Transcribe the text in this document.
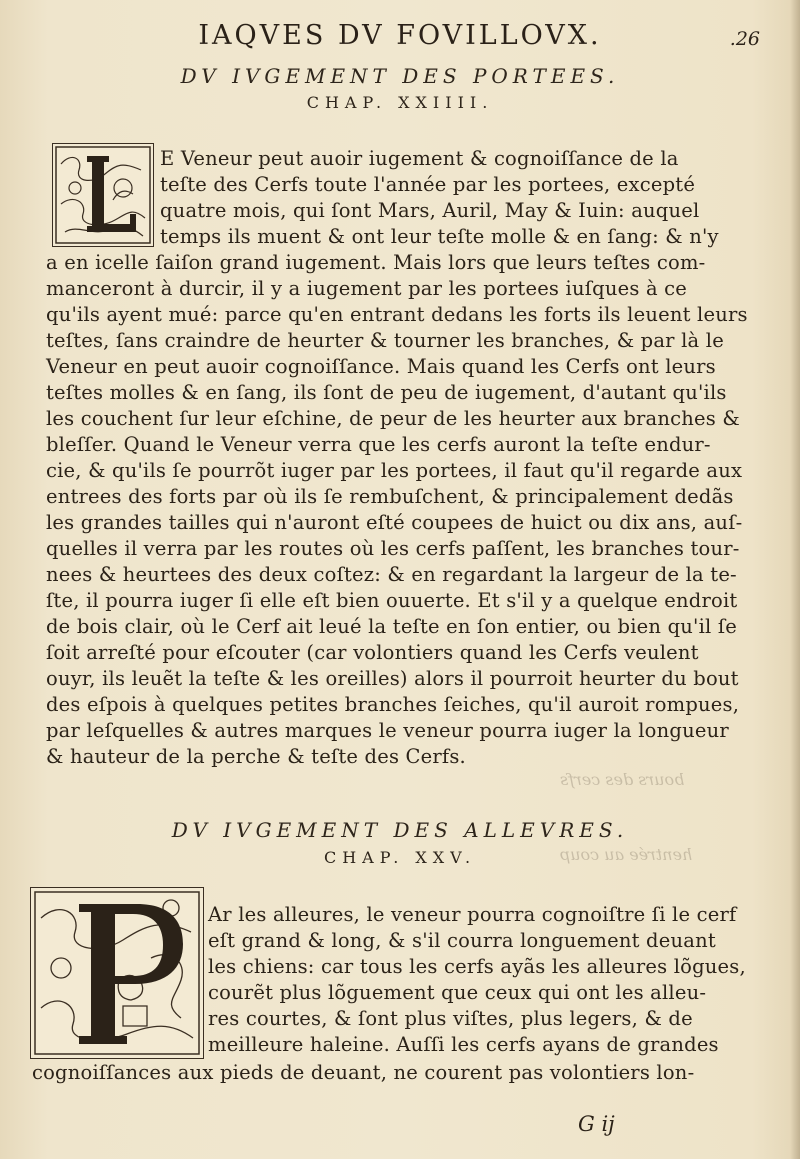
bours des cerfs
hentrée au coup
IAQVES DV FOVILLOVX.	.26
DV IVGEMENT DES PORTEES.
CHAP. XXIIII.
E Veneur peut auoir iugement & cognoiſſance de la
teſte des Cerfs toute l'année par les portees, excepté
quatre mois, qui ſont Mars, Auril, May & Iuin: auquel
temps ils muent & ont leur teſte molle & en ſang: & n'y
a en icelle ſaiſon grand iugement. Mais lors que leurs teſtes com-
manceront à durcir, il y a iugement par les portees iuſques à ce
qu'ils ayent mué: parce qu'en entrant dedans les forts ils leuent leurs
teſtes, ſans craindre de heurter & tourner les branches, & par là le
Veneur en peut auoir cognoiſſance. Mais quand les Cerfs ont leurs
teſtes molles & en ſang, ils ſont de peu de iugement, d'autant qu'ils
les couchent ſur leur eſchine, de peur de les heurter aux branches &
bleſſer. Quand le Veneur verra que les cerfs auront la teſte endur-
cie, & qu'ils ſe pourrõt iuger par les portees, il faut qu'il regarde aux
entrees des forts par où ils ſe rembuſchent, & principalement dedãs
les grandes tailles qui n'auront eſté coupees de huict ou dix ans, auſ-
quelles il verra par les routes où les cerfs paſſent, les branches tour-
nees & heurtees des deux coſtez: & en regardant la largeur de la te-
ſte, il pourra iuger ſi elle eſt bien ouuerte. Et s'il y a quelque endroit
de bois clair, où le Cerf ait leué la teſte en ſon entier, ou bien qu'il ſe
ſoit arreſté pour eſcouter (car volontiers quand les Cerfs veulent
ouyr, ils leuẽt la teſte & les oreilles) alors il pourroit heurter du bout
des eſpois à quelques petites branches ſeiches, qu'il auroit rompues,
par leſquelles & autres marques le veneur pourra iuger la longueur
& hauteur de la perche & teſte des Cerfs.
DV IVGEMENT DES ALLEVRES.
CHAP. XXV.
Ar les alleures, le veneur pourra cognoiſtre ſi le cerf
eſt grand & long, & s'il courra longuement deuant
les chiens: car tous les cerfs ayãs les alleures lõgues,
courẽt plus lõguement que ceux qui ont les alleu-
res courtes, & ſont plus viſtes, plus legers, & de
meilleure haleine. Auſſi les cerfs ayans de grandes
cognoiſſances aux pieds de deuant, ne courent pas volontiers lon-
G ij
